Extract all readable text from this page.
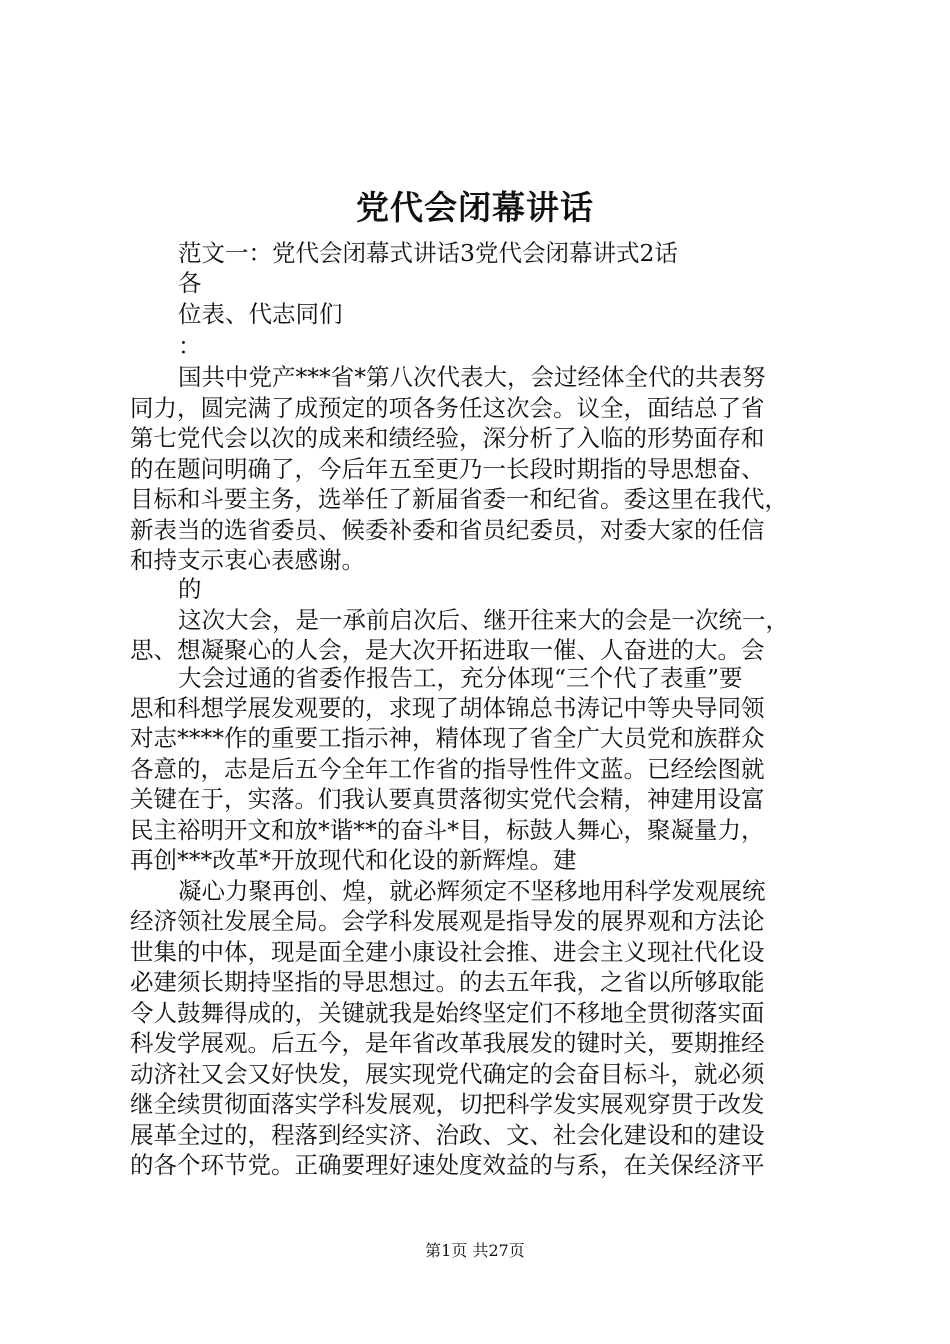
党代会闭幕讲话
范文一：党代会闭幕式讲话3党代会闭幕讲式2话
各
位表、代志同们
：
国共中党产***省*第八次代表大，会过经体全代的共表努
同力，圆完满了成预定的项各务任这次会。议全，面结总了省
第七党代会以次的成来和绩经验，深分析了入临的形势面存和
的在题问明确了，今后年五至更乃一长段时期指的导思想奋、
目标和斗要主务，选举任了新届省委一和纪省。委这里在我代，
新表当的选省委员、候委补委和省员纪委员，对委大家的任信
和持支示衷心表感谢。
的
这次大会，是一承前启次后、继开往来大的会是一次统一，
思、想凝聚心的人会，是大次开拓进取一催、人奋进的大。会
大会过通的省委作报告工，充分体现“三个代了表重”要
思和科想学展发观要的，求现了胡体锦总书涛记中等央导同领
对志****作的重要工指示神，精体现了省全广大员党和族群众
各意的，志是后五今全年工作省的指导性件文蓝。已经绘图就
关键在于，实落。们我认要真贯落彻实党代会精，神建用设富
民主裕明开文和放*谐**的奋斗*目，标鼓人舞心，聚凝量力，
再创***改革*开放现代和化设的新辉煌。建
凝心力聚再创、煌，就必辉须定不坚移地用科学发观展统
经济领社发展全局。会学科发展观是指导发的展界观和方法论
世集的中体，现是面全建小康设社会推、进会主义现社代化设
必建须长期持坚指的导思想过。的去五年我，之省以所够取能
令人鼓舞得成的，关键就我是始终坚定们不移地全贯彻落实面
科发学展观。后五今，是年省改革我展发的键时关，要期推经
动济社又会又好快发，展实现党代确定的会奋目标斗，就必须
继全续贯彻面落实学科发展观，切把科学发实展观穿贯于改发
展革全过的，程落到经实济、治政、文、社会化建设和的建设
的各个环节党。正确要理好速处度效益的与系，在关保经济平
第1页 共27页
